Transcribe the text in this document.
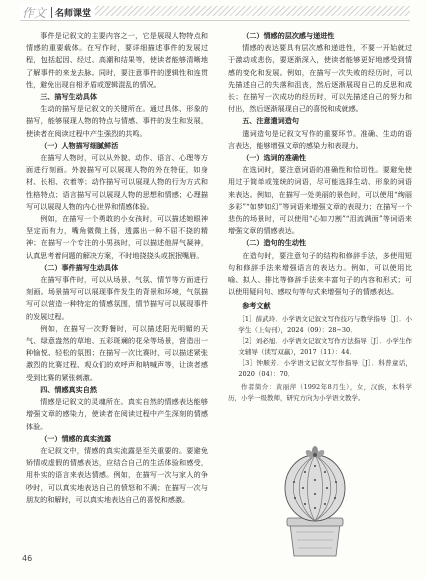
作文 名师课堂

事件是记叙文的主要内容之一，它是展现人物特点和情感的重要载体。在写作时，要详细描述事件的发展过程，包括起因、经过、高潮和结果等，使读者能够清晰地了解事件的来龙去脉。同时，要注意事件的逻辑性和连贯性，避免出现自相矛盾或逻辑混乱的情况。

三、描写生动具体

生动的描写是记叙文的关键所在。通过具体、形象的描写，能够展现人物的特点与情感、事件的发生和发展，使读者在阅读过程中产生强烈的共鸣。

（一）人物描写细腻鲜活

在描写人物时，可以从外貌、动作、语言、心理等方面进行刻画。外貌描写可以展现人物的外在特征，如身材、长相、衣着等；动作描写可以展现人物的行为方式和性格特点；语言描写可以展现人物的思想和情感；心理描写可以展现人物的内心世界和情感体验。

例如，在描写一个勇敢的小女孩时，可以描述她眼神坚定而有力，嘴角微微上扬，透露出一种不屈不挠的精神；在描写一个专注的小男孩时，可以描述他屏气凝神，认真思考着问题的解决方案，不时地挠挠头或抿抿嘴唇。

（二）事件描写生动具体

在描写事件时，可以从场景、气氛、情节等方面进行刻画。场景描写可以展现事件发生的背景和环境，气氛描写可以营造一种特定的情感氛围，情节描写可以展现事件的发展过程。

例如，在描写一次野餐时，可以描述阳光明媚的天气、绿意盎然的草地、五彩斑斓的花朵等场景，营造出一种愉悦、轻松的氛围；在描写一次比赛时，可以描述紧张激烈的比赛过程、观众们的欢呼声和呐喊声等，让读者感受到比赛的紧张刺激。

四、情感真实自然

情感是记叙文的灵魂所在。真实自然的情感表达能够增强文章的感染力，使读者在阅读过程中产生深刻的情感体验。

（一）情感的真实流露

在记叙文中，情感的真实流露是至关重要的。要避免矫情或虚假的情感表达，应结合自己的生活体验和感受，用朴实的语言来表达情感。例如，在描写一次与家人的争吵时，可以真实地表达自己的愤怒和不满；在描写一次与朋友的和解时，可以真实地表达自己的喜悦和感激。

（二）情感的层次感与递进性

情感的表达要具有层次感和递进性，不要一开始就过于激动或悲伤，要逐渐深入，使读者能够更好地感受到情感的变化和发展。例如，在描写一次失败的经历时，可以先描述自己的失落和沮丧，然后逐渐展现自己的反思和成长；在描写一次成功的经历时，可以先描述自己的努力和付出，然后逐渐展现自己的喜悦和成就感。

五、注意遣词造句

遣词造句是记叙文写作的重要环节。准确、生动的语言表达，能够增强文章的感染力和表现力。

（一）选词的准确性

在选词时，要注意词语的准确性和恰切性。要避免使用过于简单或笼统的词语，尽可能选择生动、形象的词语来表达。例如，在描写一处美丽的景色时，可以使用“绚丽多彩”“如梦如幻”等词语来增强文章的表现力；在描写一个悲伤的场景时，可以使用“心如刀割”“泪流满面”等词语来增强文章的情感表达。

（二）造句的生动性

在造句时，要注意句子的结构和修辞手法，多使用短句和修辞手法来增强语言的表达力。例如，可以使用比喻、拟人、排比等修辞手法来丰富句子的内容和形式；可以使用疑问句、感叹句等句式来增强句子的情感表达。

参考文献

［1］薛武玲．小学语文记叙文写作技巧与教学指导［J］．小学生（上旬刊），2024（09）：28−30．

［2］刘必旭．小学语文记叙文写作方法指导［J］．小学生作文辅导（读写双赢），2017（11）：44．

［3］钟顺芳．小学语文记叙文写作指导［J］．科普童话，2020（04）：70．

作者简介：黄丽萍（1992年8月生），女，汉族，本科学历，小学一级教师，研究方向为小学语文教学。

46
